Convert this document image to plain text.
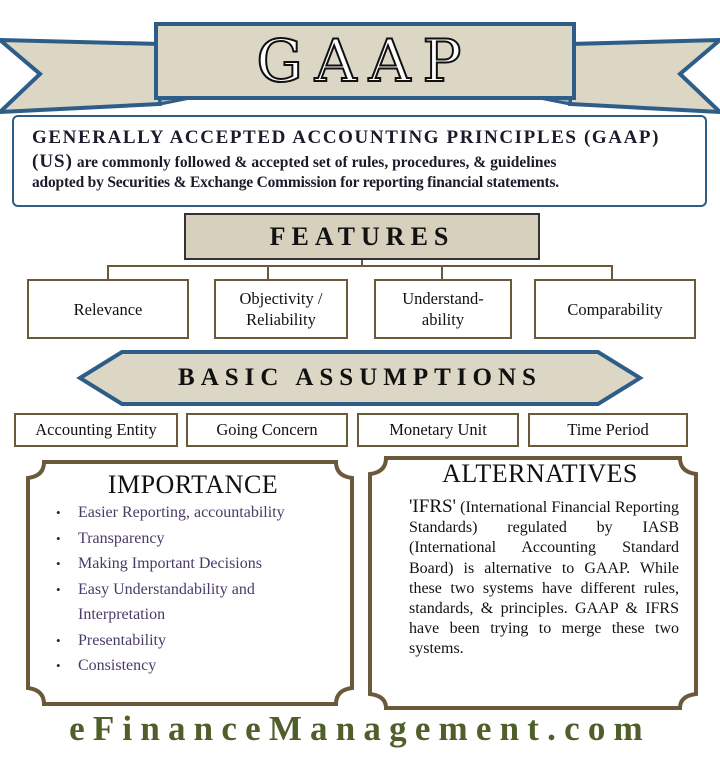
GAAP
GENERALLY ACCEPTED ACCOUNTING PRINCIPLES (GAAP)
(US) are commonly followed & accepted set of rules, procedures, & guidelines
adopted by Securities & Exchange Commission for reporting financial statements.
FEATURES
Relevance
Objectivity /
Reliability
Understand-
ability
Comparability
BASIC ASSUMPTIONS
Accounting Entity	Going Concern	Monetary Unit	Time Period
IMPORTANCE
• Easier Reporting, accountability
• Transparency
• Making Important Decisions
• Easy Understandability and Interpretation
• Presentability
• Consistency
ALTERNATIVES
'IFRS' (International Financial Reporting Standards) regulated by IASB (International Accounting Standard Board) is alternative to GAAP. While these two systems have different rules, standards, & principles. GAAP & IFRS have been trying to merge these two systems.
eFinanceManagement.com
